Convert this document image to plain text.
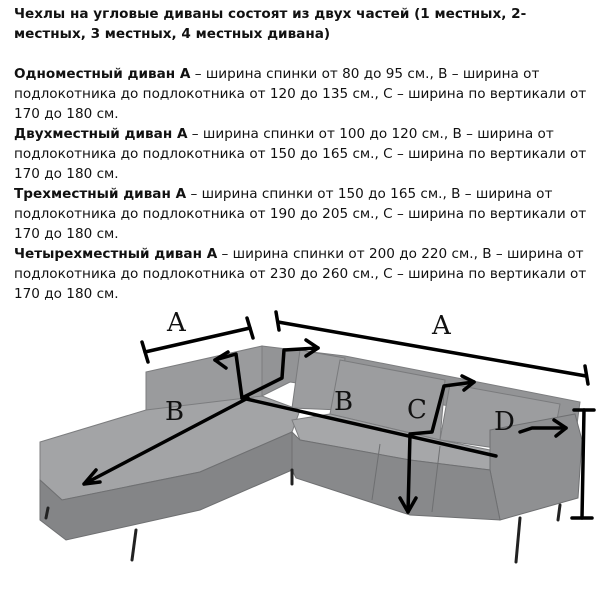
Чехлы на угловые диваны состоят из двух частей (1 местных, 2-местных, 3 местных, 4 местных дивана)

Одноместный диван А – ширина спинки от 80 до 95 см., В – ширина от подлокотника до подлокотника от 120 до 135 см., С – ширина по вертикали от 170 до 180 см.

Двухместный диван А – ширина спинки от 100 до 120 см., В – ширина от подлокотника до подлокотника от 150 до 165 см., С – ширина по вертикали от 170 до 180 см.

Трехместный диван А – ширина спинки от 150 до 165 см., В – ширина от подлокотника до подлокотника от 190 до 205 см., С – ширина по вертикали от 170 до 180 см.

Четырехместный диван А – ширина спинки от 200 до 220 см., В – ширина от подлокотника до подлокотника от 230 до 260 см., С – ширина по вертикали от 170 до 180 см.

A	A
B	B C	D
